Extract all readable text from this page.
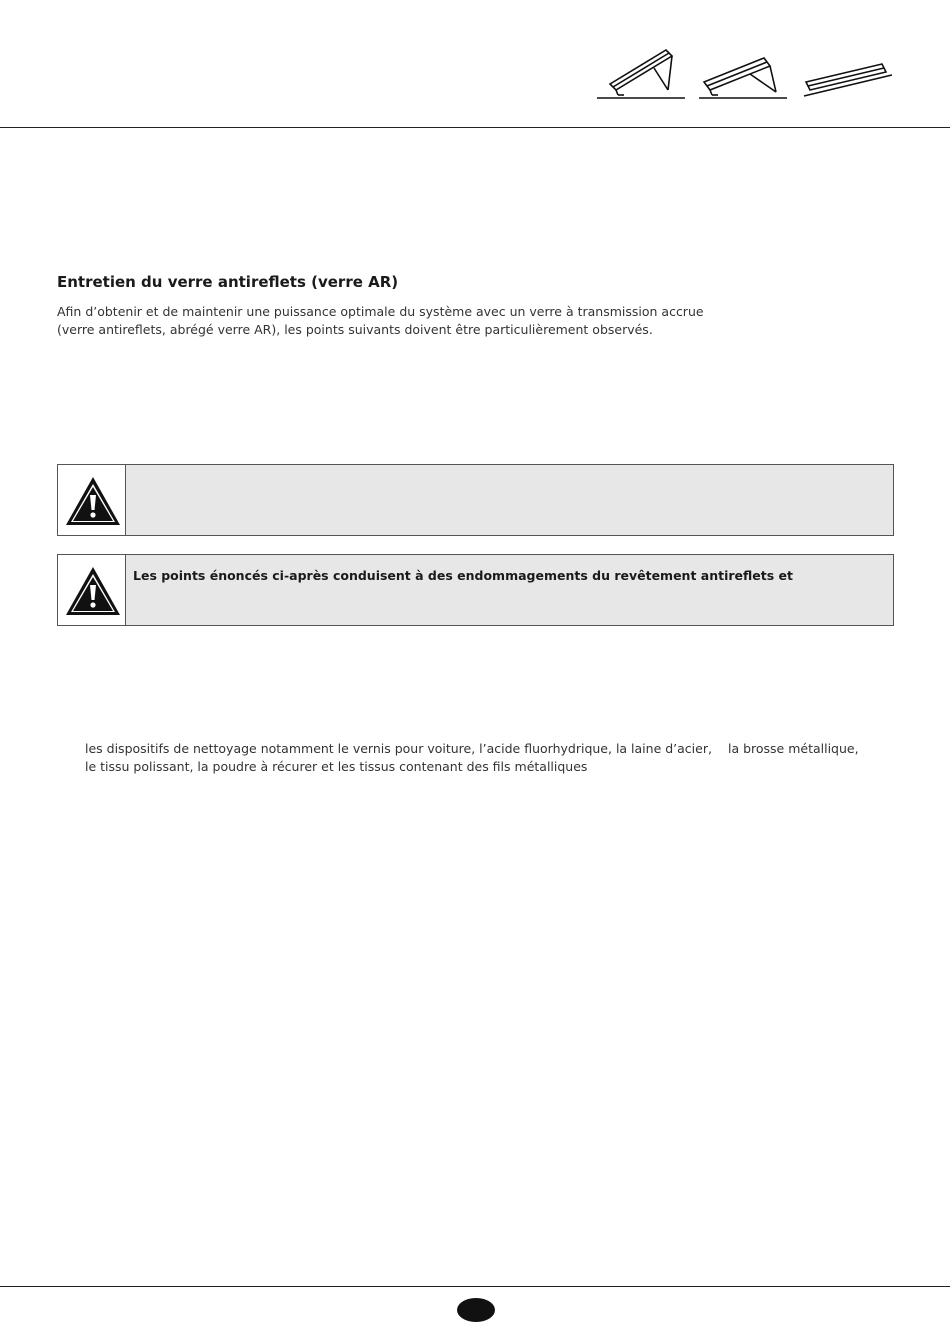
Entretien du verre antireflets (verre AR)

Afin d’obtenir et de maintenir une puissance optimale du système avec un verre à transmission accrue
(verre antireflets, abrégé verre AR), les points suivants doivent être particulièrement observés.

Les points énoncés ci-après conduisent à des endommagements du revêtement antireflets et

les dispositifs de nettoyage notamment le vernis pour voiture, l’acide fluorhydrique, la laine d’acier, la brosse métallique,
le tissu polissant, la poudre à récurer et les tissus contenant des fils métalliques
